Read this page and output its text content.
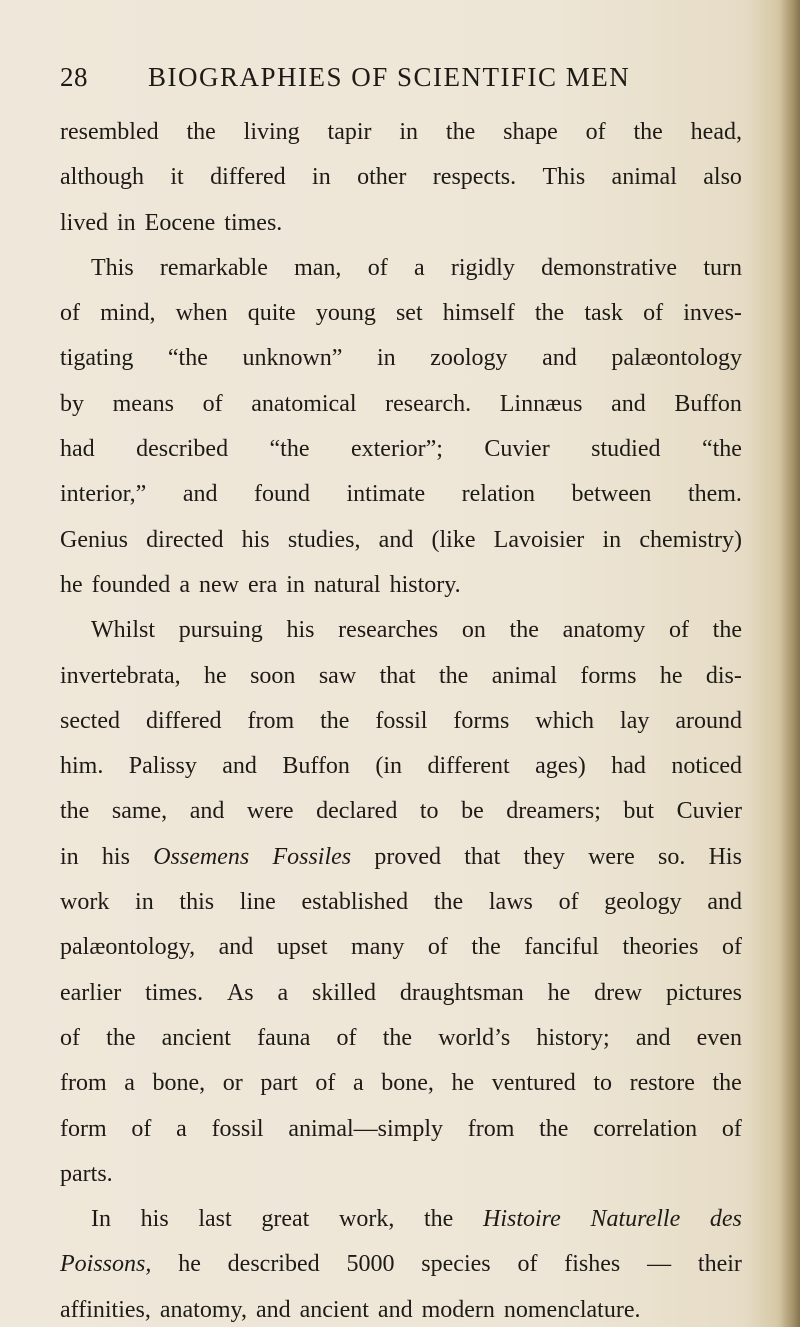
28 BIOGRAPHIES OF SCIENTIFIC MEN
resembled the living tapir in the shape of the head,
although it differed in other respects. This animal also
lived in Eocene times.
This remarkable man, of a rigidly demonstrative turn
of mind, when quite young set himself the task of inves-
tigating “the unknown” in zoology and palæontology
by means of anatomical research. Linnæus and Buffon
had described “the exterior”; Cuvier studied “the
interior,” and found intimate relation between them.
Genius directed his studies, and (like Lavoisier in chemistry)
he founded a new era in natural history.
Whilst pursuing his researches on the anatomy of the
invertebrata, he soon saw that the animal forms he dis-
sected differed from the fossil forms which lay around
him. Palissy and Buffon (in different ages) had noticed
the same, and were declared to be dreamers; but Cuvier
in his Ossemens Fossiles proved that they were so. His
work in this line established the laws of geology and
palæontology, and upset many of the fanciful theories of
earlier times. As a skilled draughtsman he drew pictures
of the ancient fauna of the world’s history; and even
from a bone, or part of a bone, he ventured to restore the
form of a fossil animal—simply from the correlation of
parts.
In his last great work, the Histoire Naturelle des
Poissons, he described 5000 species of fishes — their
affinities, anatomy, and ancient and modern nomenclature.
